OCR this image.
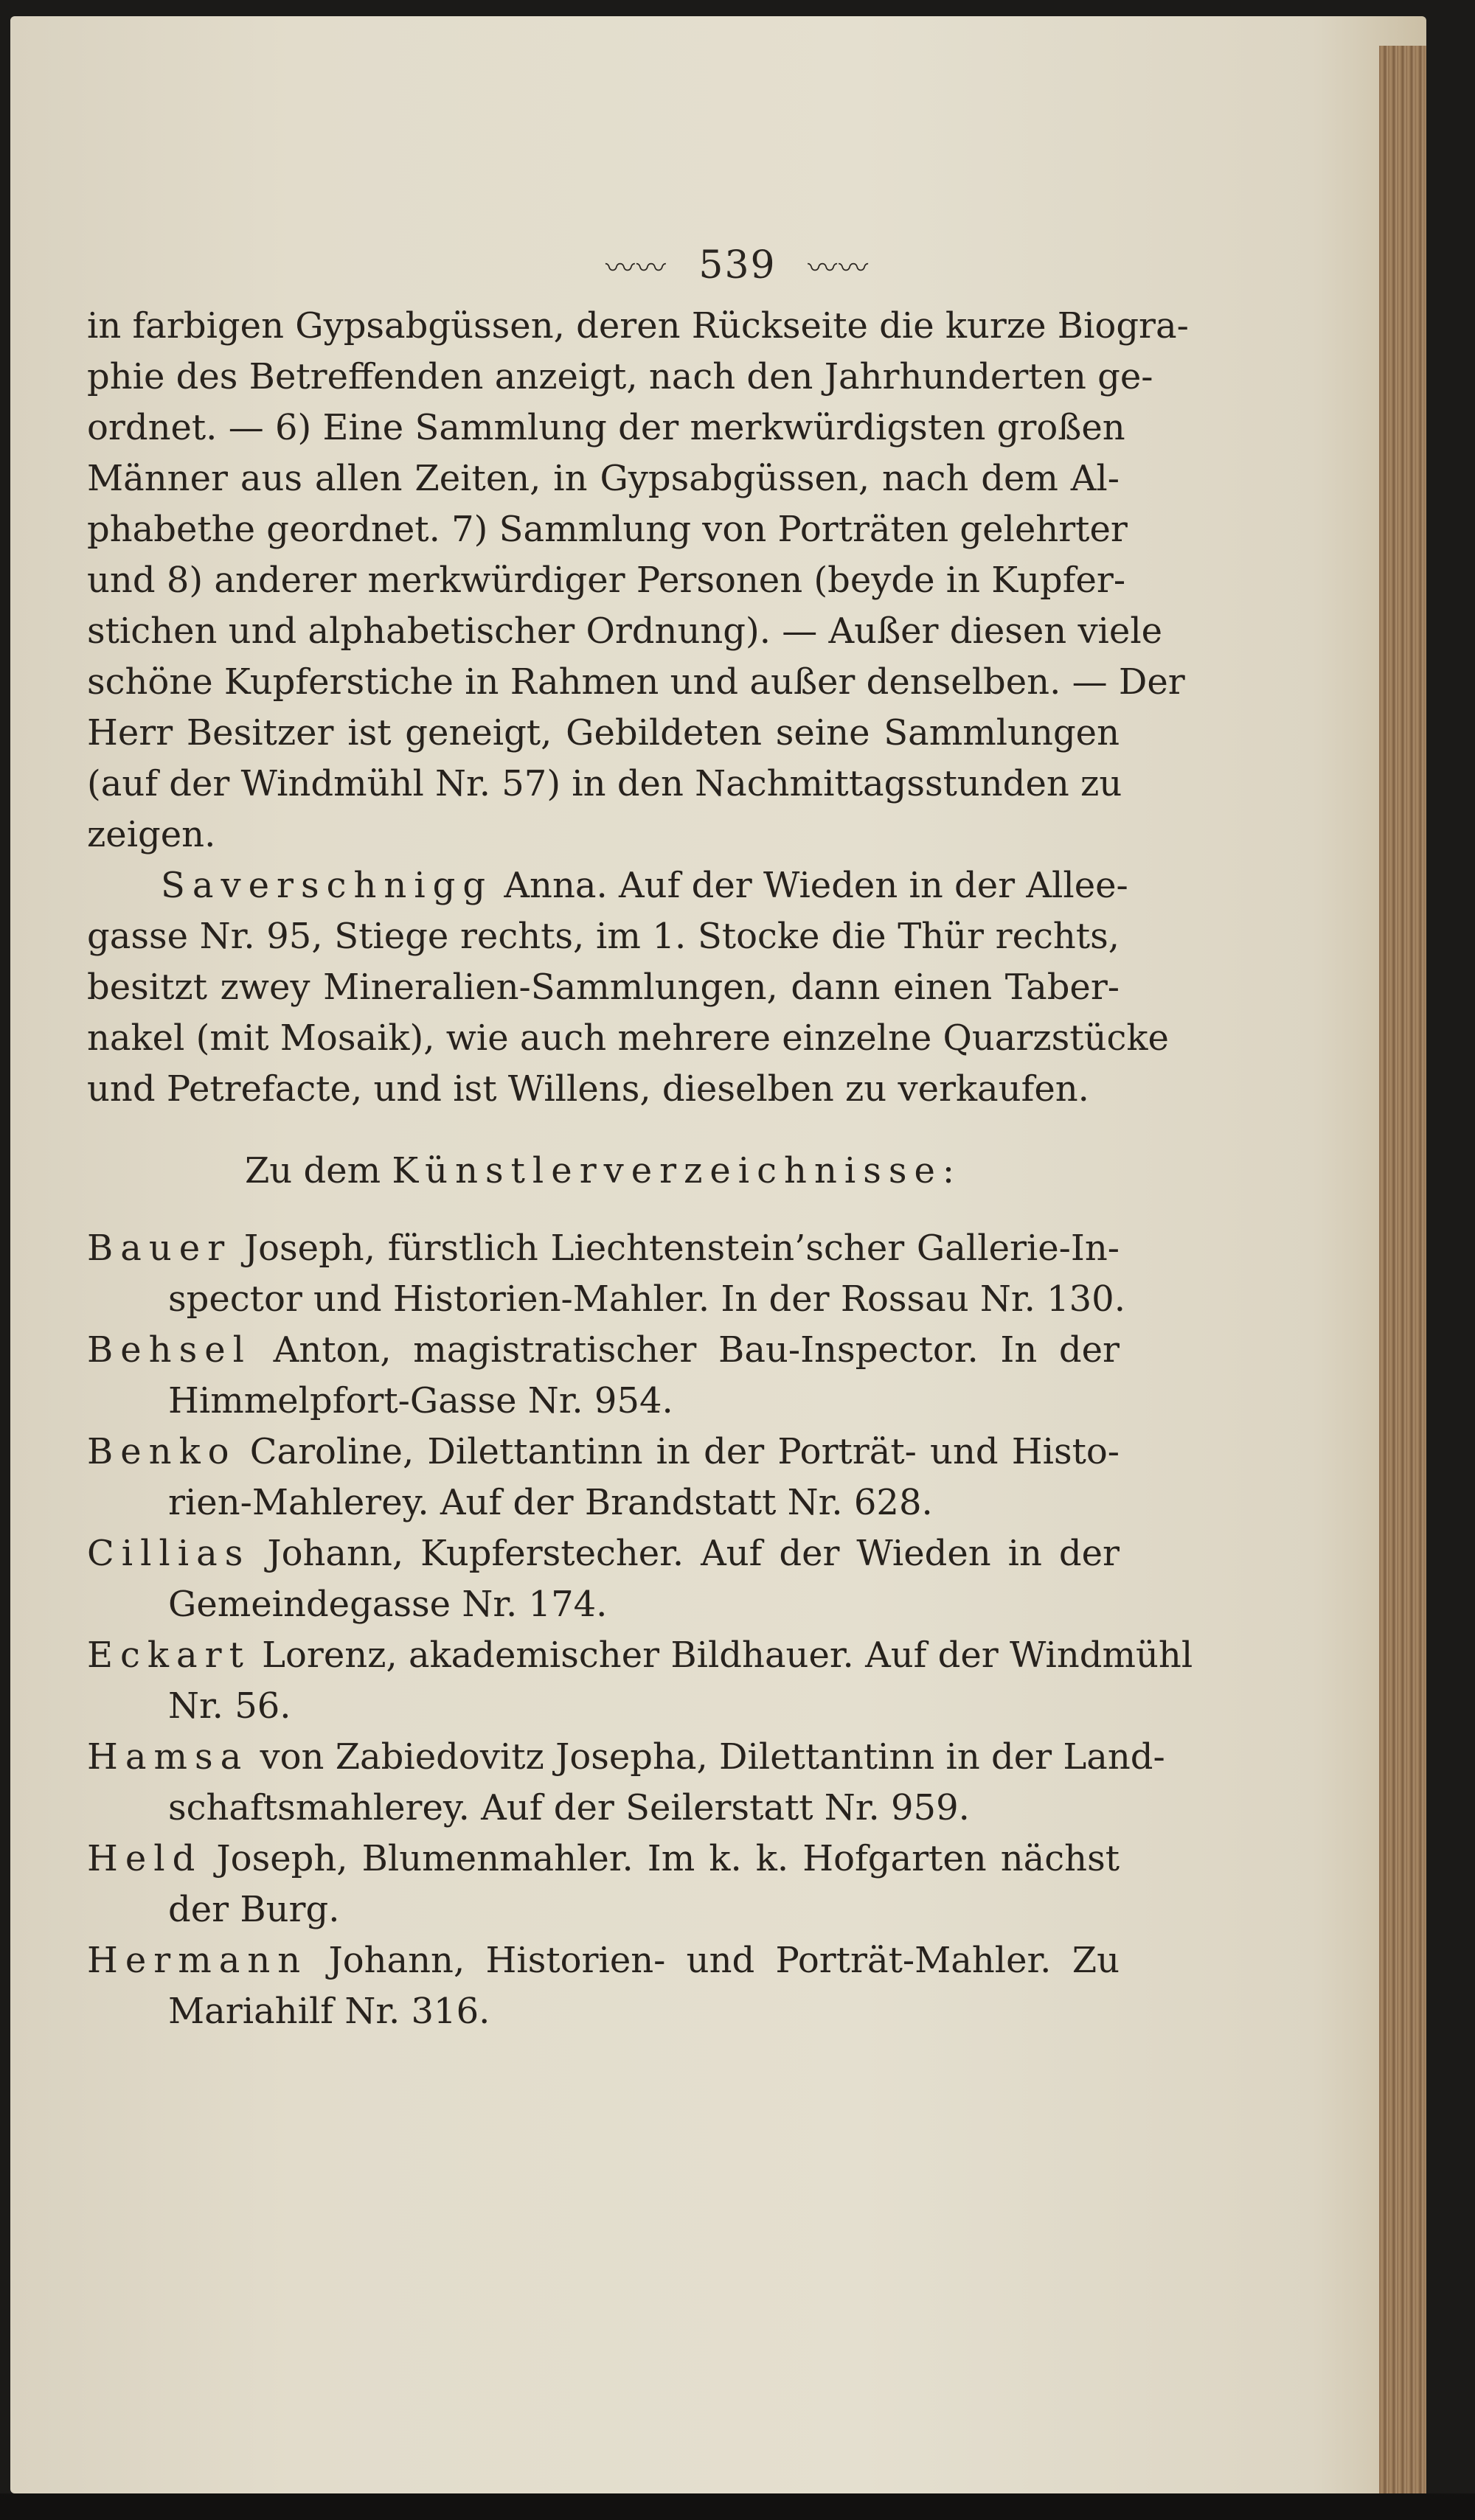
〰〰 539 〰〰
in farbigen Gypsabgüssen, deren Rückseite die kurze Biogra-
phie des Betreffenden anzeigt, nach den Jahrhunderten ge-
ordnet. — 6) Eine Sammlung der merkwürdigsten großen
Männer aus allen Zeiten, in Gypsabgüssen, nach dem Al-
phabethe geordnet. 7) Sammlung von Porträten gelehrter
und 8) anderer merkwürdiger Personen (beyde in Kupfer-
stichen und alphabetischer Ordnung). — Außer diesen viele
schöne Kupferstiche in Rahmen und außer denselben. — Der
Herr Besitzer ist geneigt, Gebildeten seine Sammlungen
(auf der Windmühl Nr. 57) in den Nachmittagsstunden zu
zeigen.
Saverschnigg Anna. Auf der Wieden in der Allee-
gasse Nr. 95, Stiege rechts, im 1. Stocke die Thür rechts,
besitzt zwey Mineralien-Sammlungen, dann einen Taber-
nakel (mit Mosaik), wie auch mehrere einzelne Quarzstücke
und Petrefacte, und ist Willens, dieselben zu verkaufen.
Zu dem Künstlerverzeichnisse:
Bauer Joseph, fürstlich Liechtenstein’scher Gallerie-In-
spector und Historien-Mahler. In der Rossau Nr. 130.
Behsel Anton, magistratischer Bau-Inspector. In der
Himmelpfort-Gasse Nr. 954.
Benko Caroline, Dilettantinn in der Porträt- und Histo-
rien-Mahlerey. Auf der Brandstatt Nr. 628.
Cillias Johann, Kupferstecher. Auf der Wieden in der
Gemeindegasse Nr. 174.
Eckart Lorenz, akademischer Bildhauer. Auf der Windmühl
Nr. 56.
Hamsa von Zabiedovitz Josepha, Dilettantinn in der Land-
schaftsmahlerey. Auf der Seilerstatt Nr. 959.
Held Joseph, Blumenmahler. Im k. k. Hofgarten nächst
der Burg.
Hermann Johann, Historien- und Porträt-Mahler. Zu
Mariahilf Nr. 316.
